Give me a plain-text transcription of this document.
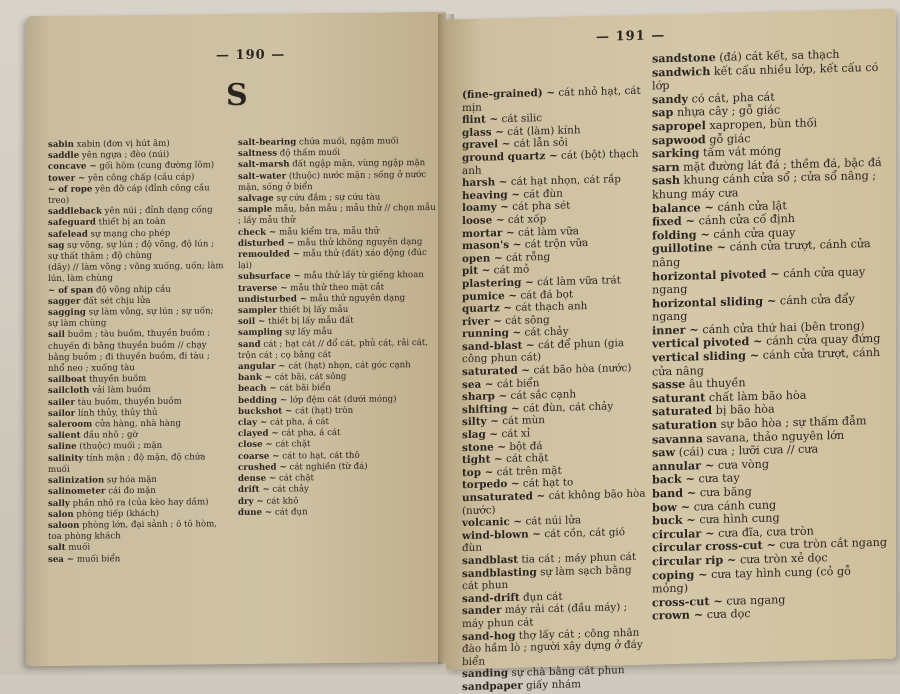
— 190 —
S
sabin xabin (đơn vị hút âm)
saddle yên ngựa ; đèo (núi)
concave ~ gối hõm (cung đường lõm)
tower ~ yên công chấp (cầu cáp)
~ of rope yên đỡ cáp (đỉnh công cầu treo)
saddleback yên núi ; đỉnh dạng cống
safeguard thiết bị an toàn
safelead sự mạng cho phép
sag sự võng, sự lún ; độ võng, độ lún ; sự thất thâm ; độ chùng
(dây) // làm võng ; võng xuống, uốn; làm lún, làm chùng
~ of span độ võng nhịp cầu
sagger đất sét chịu lửa
sagging sự làm võng, sự lún ; sự uốn; sự làm chùng
sail buồm ; tàu buồm, thuyền buồm ; chuyến đi bằng thuyền buồm // chạy bằng buồm ; đi thuyền buồm, đi tàu ; nhổ neo ; xuống tàu
sailboat thuyền buồm
sailcloth vải làm buồm
sailer tàu buồm, thuyền buồm
sailor lính thủy, thủy thủ
saleroom cửa hàng, nhà hàng
salient đầu nhô ; gờ
saline (thuộc) muối ; mặn
salinity tính mặn ; độ mặn, độ chứa muối
salinization sự hóa mặn
salinometer cái đo mặn
sally phần nhô ra (của kèo hay dầm)
salon phòng tiếp (khách)
saloon phòng lớn, đại sảnh ; ô tô hòm, toa phòng khách
salt muối
sea ~ muối biển
salt-bearing chứa muối, ngậm muối
saltness độ thấm muối
salt-marsh đất ngập mặn, vùng ngập mặn
salt-water (thuộc) nước mặn ; sống ở nước mặn, sống ở biển
salvage sự cứu đắm ; sự cứu tàu
sample mẫu, bản mẫu ; mẫu thử // chọn mẫu ; lấy mẫu thử
check ~ mẫu kiểm tra, mẫu thử
disturbed ~ mẫu thử không nguyên dạng
remoulded ~ mẫu thử (đất) xáo động (đúc lại)
subsurface ~ mẫu thử lấy từ giếng khoan
traverse ~ mẫu thử theo mặt cắt
undisturbed ~ mẫu thử nguyên dạng
sampler thiết bị lấy mẫu
soil ~ thiết bị lấy mẫu đất
sampling sự lấy mẫu
sand cát ; hạt cát // đổ cát, phủ cát, rải cát, trộn cát ; cọ bằng cát
angular ~ cát (hạt) nhọn, cát góc cạnh
bank ~ cát bãi, cát sông
beach ~ cát bãi biển
bedding ~ lớp đệm cát (dưới móng)
buckshot ~ cát (hạt) tròn
clay ~ cát pha, á cát
clayed ~ cát pha, á cát
close ~ cát chặt
coarse ~ cát to hạt, cát thô
crushed ~ cát nghiền (từ đá)
dense ~ cát chặt
drift ~ cát chảy
dry ~ cát khô
dune ~ cát đụn
— 191 —
(fine-grained) ~ cát nhỏ hạt, cát mịn
flint ~ cát silic
glass ~ cát (làm) kính
gravel ~ cát lẫn sỏi
ground quartz ~ cát (bột) thạch anh
harsh ~ cát hạt nhọn, cát rắp
heaving ~ cát đùn
loamy ~ cát pha sét
loose ~ cát xốp
mortar ~ cát làm vữa
mason's ~ cát trộn vữa
open ~ cát rỗng
pit ~ cát mỏ
plastering ~ cát làm vữa trát
pumice ~ cát đá bọt
quartz ~ cát thạch anh
river ~ cát sông
running ~ cát chảy
sand-blast ~ cát để phun (gia công phun cát)
saturated ~ cát bão hòa (nước)
sea ~ cát biển
sharp ~ cát sắc cạnh
shifting ~ cát đùn, cát chảy
silty ~ cát mùn
slag ~ cát xỉ
stone ~ bột đá
tight ~ cát chặt
top ~ cát trên mặt
torpedo ~ cát hạt to
unsaturated ~ cát không bão hòa (nước)
volcanic ~ cát núi lửa
wind-blown ~ cát cồn, cát gió đùn
sandblast tia cát ; máy phun cát
sandblasting sự làm sạch bằng cát phun
sand-drift đụn cát
sander máy rải cát (đầu máy) ; máy phun cát
sand-hog thợ lấy cát ; công nhân đào hầm lò ; người xây dựng ở đáy biển
sanding sự chà bằng cát phun
sandpaper giấy nhám
sandstone (đá) cát kết, sa thạch
sandwich kết cấu nhiều lớp, kết cấu có lớp
sandy có cát, pha cát
sap nhựa cây ; gỗ giác
sapropel xapropen, bùn thối
sapwood gỗ giác
sarking tấm vát móng
sarn mặt đường lát đá ; thềm đá, bậc đá
sash khung cánh cửa sổ ; cửa sổ nâng ; khung máy cưa
balance ~ cánh cửa lật
fixed ~ cánh cửa cố định
folding ~ cánh cửa quay
guillotine ~ cánh cửa trượt, cánh cửa nâng
horizontal pivoted ~ cánh cửa quay ngang
horizontal sliding ~ cánh cửa đẩy ngang
inner ~ cánh cửa thứ hai (bên trong)
vertical pivoted ~ cánh cửa quay đứng
vertical sliding ~ cánh cửa trượt, cánh cửa nâng
sasse âu thuyền
saturant chất làm bão hòa
saturated bị bão hòa
saturation sự bão hòa ; sự thấm đẫm
savanna savana, thảo nguyên lớn
saw (cái) cưa ; lưỡi cưa // cưa
annular ~ cưa vòng
back ~ cưa tay
band ~ cưa băng
bow ~ cưa cánh cung
buck ~ cưa hình cung
circular ~ cưa đĩa, cưa tròn
circular cross-cut ~ cưa tròn cắt ngang
circular rip ~ cưa tròn xẻ dọc
coping ~ cưa tay hình cung (cỏ gỗ mỏng)
cross-cut ~ cưa ngang
crown ~ cưa dọc
